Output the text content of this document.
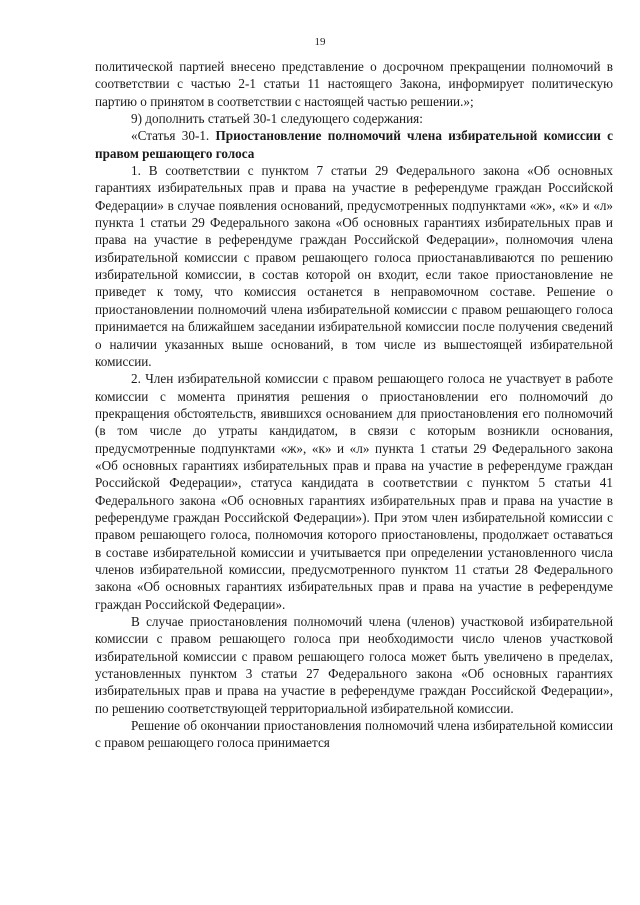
19

политической партией внесено представление о досрочном прекращении полномочий в соответствии с частью 2-1 статьи 11 настоящего Закона, информирует политическую партию о принятом в соответствии с настоящей частью решении.»;

9) дополнить статьей 30-1 следующего содержания:

«Статья 30-1. Приостановление полномочий члена избирательной комиссии с правом решающего голоса

1. В соответствии с пунктом 7 статьи 29 Федерального закона «Об основных гарантиях избирательных прав и права на участие в референдуме граждан Российской Федерации» в случае появления оснований, предусмотренных подпунктами «ж», «к» и «л» пункта 1 статьи 29 Федерального закона «Об основных гарантиях избирательных прав и права на участие в референдуме граждан Российской Федерации», полномочия члена избирательной комиссии с правом решающего голоса приостанавливаются по решению избирательной комиссии, в состав которой он входит, если такое приостановление не приведет к тому, что комиссия останется в неправомочном составе. Решение о приостановлении полномочий члена избирательной комиссии с правом решающего голоса принимается на ближайшем заседании избирательной комиссии после получения сведений о наличии указанных выше оснований, в том числе из вышестоящей избирательной комиссии.

2. Член избирательной комиссии с правом решающего голоса не участвует в работе комиссии с момента принятия решения о приостановлении его полномочий до прекращения обстоятельств, явившихся основанием для приостановления его полномочий (в том числе до утраты кандидатом, в связи с которым возникли основания, предусмотренные подпунктами «ж», «к» и «л» пункта 1 статьи 29 Федерального закона «Об основных гарантиях избирательных прав и права на участие в референдуме граждан Российской Федерации», статуса кандидата в соответствии с пунктом 5 статьи 41 Федерального закона «Об основных гарантиях избирательных прав и права на участие в референдуме граждан Российской Федерации»). При этом член избирательной комиссии с правом решающего голоса, полномочия которого приостановлены, продолжает оставаться в составе избирательной комиссии и учитывается при определении установленного числа членов избирательной комиссии, предусмотренного пунктом 11 статьи 28 Федерального закона «Об основных гарантиях избирательных прав и права на участие в референдуме граждан Российской Федерации».

В случае приостановления полномочий члена (членов) участковой избирательной комиссии с правом решающего голоса при необходимости число членов участковой избирательной комиссии с правом решающего голоса может быть увеличено в пределах, установленных пунктом 3 статьи 27 Федерального закона «Об основных гарантиях избирательных прав и права на участие в референдуме граждан Российской Федерации», по решению соответствующей территориальной избирательной комиссии.

Решение об окончании приостановления полномочий члена избирательной комиссии с правом решающего голоса принимается
